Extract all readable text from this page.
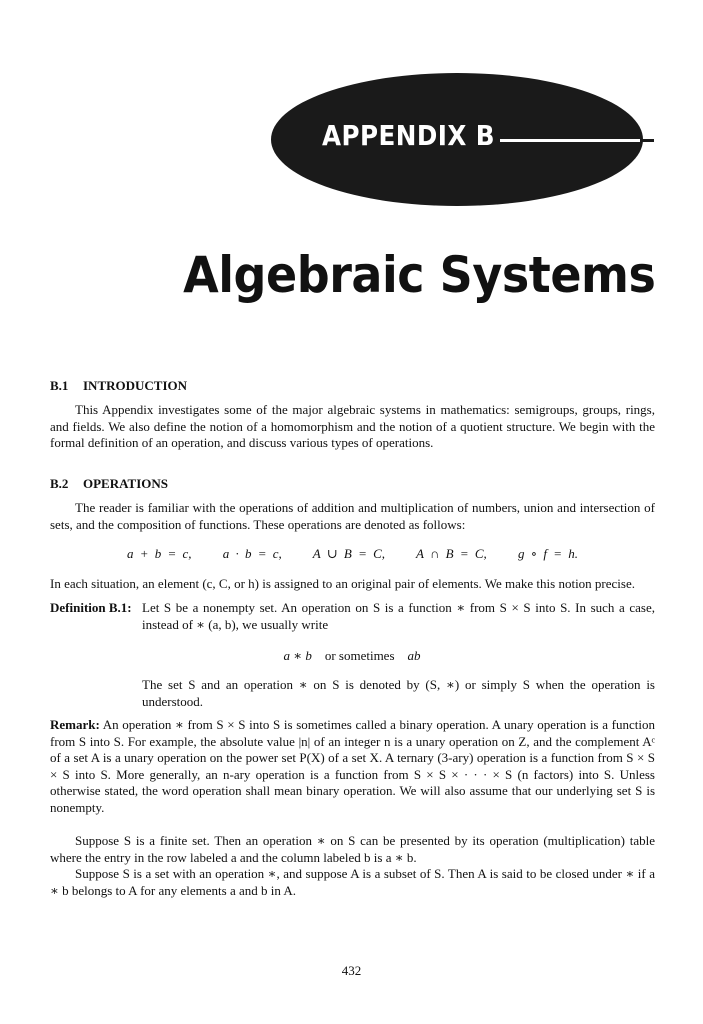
APPENDIX B
Algebraic Systems
B.1 INTRODUCTION
This Appendix investigates some of the major algebraic systems in mathematics: semigroups, groups, rings, and fields. We also define the notion of a homomorphism and the notion of a quotient structure. We begin with the formal definition of an operation, and discuss various types of operations.
B.2 OPERATIONS
The reader is familiar with the operations of addition and multiplication of numbers, union and intersection of sets, and the composition of functions. These operations are denoted as follows:
a + b = c,     a · b = c,     A ∪ B = C,     A ∩ B = C,     g ∘ f = h.
In each situation, an element (c, C, or h) is assigned to an original pair of elements. We make this notion precise.
Definition B.1: Let S be a nonempty set. An operation on S is a function ∗ from S × S into S. In such a case, instead of ∗ (a, b), we usually write
a ∗ b or sometimes ab
The set S and an operation ∗ on S is denoted by (S, ∗) or simply S when the operation is understood.
Remark: An operation ∗ from S × S into S is sometimes called a binary operation. A unary operation is a function from S into S. For example, the absolute value |n| of an integer n is a unary operation on Z, and the complement Aᶜ of a set A is a unary operation on the power set P(X) of a set X. A ternary (3-ary) operation is a function from S × S × S into S. More generally, an n-ary operation is a function from S × S × · · · × S (n factors) into S. Unless otherwise stated, the word operation shall mean binary operation. We will also assume that our underlying set S is nonempty.
Suppose S is a finite set. Then an operation ∗ on S can be presented by its operation (multiplication) table where the entry in the row labeled a and the column labeled b is a ∗ b.
Suppose S is a set with an operation ∗, and suppose A is a subset of S. Then A is said to be closed under ∗ if a ∗ b belongs to A for any elements a and b in A.
432
